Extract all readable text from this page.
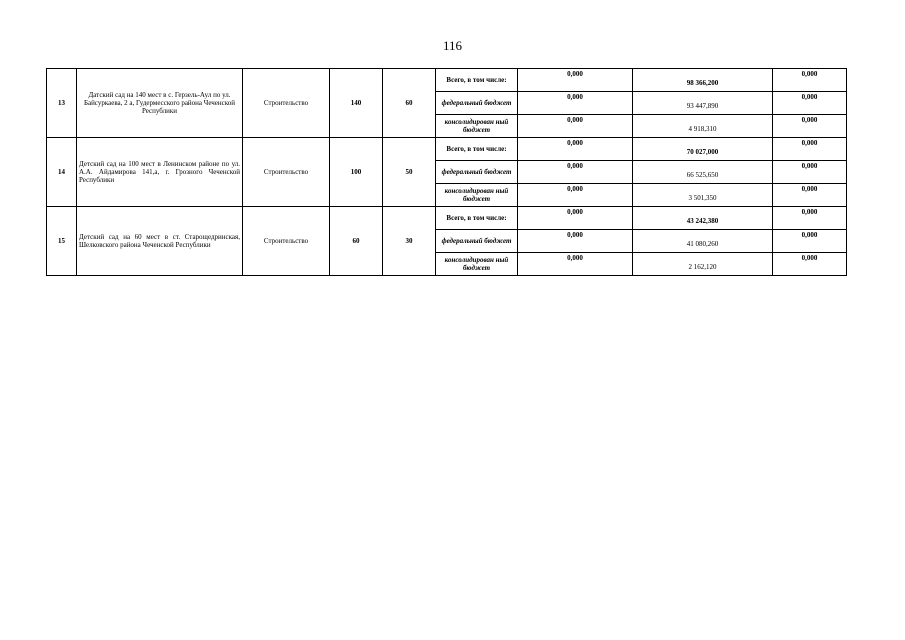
116
13	Датский сад на 140 мест в с. Герзель-Аул по ул. Байсуркаева, 2 а, Гудермесского района Чеченской Республики	Строительство	140	60	Всего, в том числе:	0,000	98 366,200	0,000

					федеральный бюджет	0,000	93 447,890	0,000

					консолидирован ный бюджет	0,000	4 918,310	0,000

14	Детский сад на 100 мест в Ленинском районе по ул. А.А. Айдамирова 141,а, г. Грозного Чеченской Республики	Строительство	100	50	Всего, в том числе:	0,000	70 027,000	0,000

					федеральный бюджет	0,000	66 525,650	0,000

					консолидирован ный бюджет	0,000	3 501,350	0,000

15	Детский сад на 60 мест в ст. Старощедринская, Шелковского района Чеченской Республики	Строительство	60	30	Всего, в том числе:	0,000	43 242,380	0,000

					федеральный бюджет	0,000	41 080,260	0,000

					консолидирован ный бюджет	0,000	2 162,120	0,000
